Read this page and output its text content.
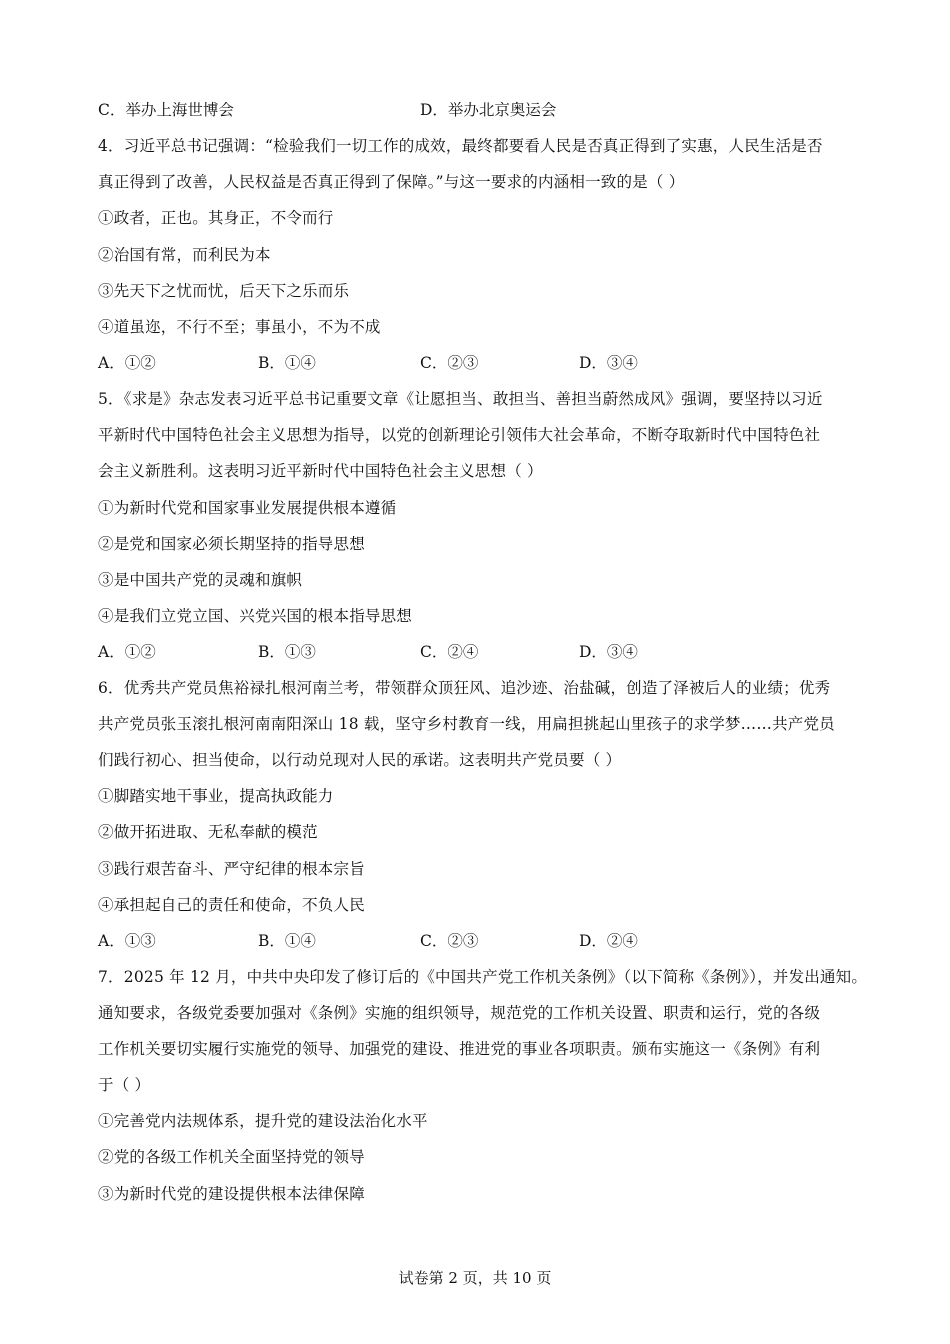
C．举办上海世博会	D．举办北京奥运会
4．习近平总书记强调：“检验我们一切工作的成效，最终都要看人民是否真正得到了实惠，人民生活是否
真正得到了改善，人民权益是否真正得到了保障。”与这一要求的内涵相一致的是（ ）
①政者，正也。其身正，不令而行
②治国有常，而利民为本
③先天下之忧而忧，后天下之乐而乐
④道虽迩，不行不至；事虽小，不为不成
A．①②	B．①④	C．②③	D．③④
5．《求是》杂志发表习近平总书记重要文章《让愿担当、敢担当、善担当蔚然成风》强调，要坚持以习近
平新时代中国特色社会主义思想为指导，以党的创新理论引领伟大社会革命，不断夺取新时代中国特色社
会主义新胜利。这表明习近平新时代中国特色社会主义思想（ ）
①为新时代党和国家事业发展提供根本遵循
②是党和国家必须长期坚持的指导思想
③是中国共产党的灵魂和旗帜
④是我们立党立国、兴党兴国的根本指导思想
A．①②	B．①③	C．②④	D．③④
6．优秀共产党员焦裕禄扎根河南兰考，带领群众顶狂风、追沙迹、治盐碱，创造了泽被后人的业绩；优秀
共产党员张玉滚扎根河南南阳深山 18 载，坚守乡村教育一线，用扁担挑起山里孩子的求学梦……共产党员
们践行初心、担当使命，以行动兑现对人民的承诺。这表明共产党员要（ ）
①脚踏实地干事业，提高执政能力
②做开拓进取、无私奉献的模范
③践行艰苦奋斗、严守纪律的根本宗旨
④承担起自己的责任和使命，不负人民
A．①③	B．①④	C．②③	D．②④
7．2025 年 12 月，中共中央印发了修订后的《中国共产党工作机关条例》（以下简称《条例》），并发出通知。
通知要求，各级党委要加强对《条例》实施的组织领导，规范党的工作机关设置、职责和运行，党的各级
工作机关要切实履行实施党的领导、加强党的建设、推进党的事业各项职责。颁布实施这一《条例》有利
于（ ）
①完善党内法规体系，提升党的建设法治化水平
②党的各级工作机关全面坚持党的领导
③为新时代党的建设提供根本法律保障
试卷第 2 页，共 10 页
